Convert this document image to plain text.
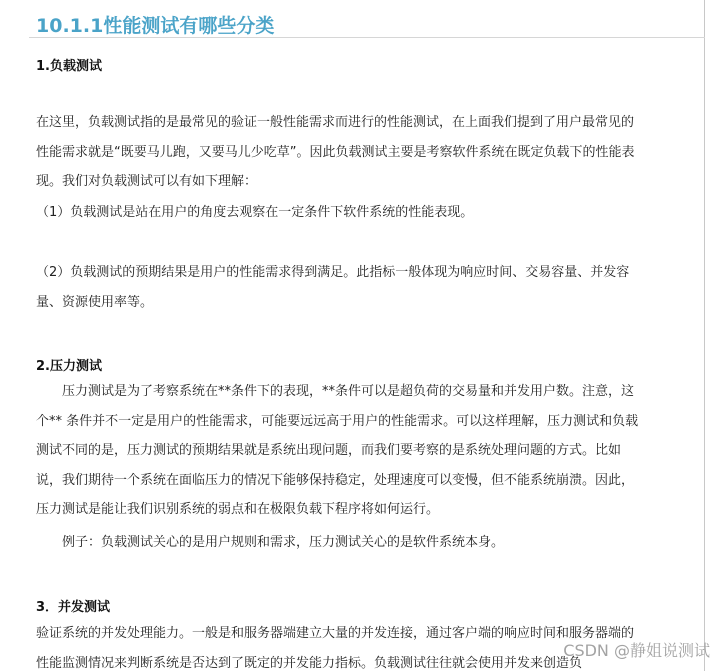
10.1.1性能测试有哪些分类
1.负载测试
在这里，负载测试指的是最常见的验证一般性能需求而进行的性能测试，在上面我们提到了用户最常见的性能需求就是“既要马儿跑，又要马儿少吃草”。因此负载测试主要是考察软件系统在既定负载下的性能表现。我们对负载测试可以有如下理解：
（1）负载测试是站在用户的角度去观察在一定条件下软件系统的性能表现。
（2）负载测试的预期结果是用户的性能需求得到满足。此指标一般体现为响应时间、交易容量、并发容量、资源使用率等。
2.压力测试
压力测试是为了考察系统在**条件下的表现，**条件可以是超负荷的交易量和并发用户数。注意，这个** 条件并不一定是用户的性能需求，可能要远远高于用户的性能需求。可以这样理解，压力测试和负载测试不同的是，压力测试的预期结果就是系统出现问题，而我们要考察的是系统处理问题的方式。比如说，我们期待一个系统在面临压力的情况下能够保持稳定，处理速度可以变慢，但不能系统崩溃。因此，压力测试是能让我们识别系统的弱点和在极限负载下程序将如何运行。
例子：负载测试关心的是用户规则和需求，压力测试关心的是软件系统本身。
3．并发测试
验证系统的并发处理能力。一般是和服务器端建立大量的并发连接，通过客户端的响应时间和服务器端的性能监测情况来判断系统是否达到了既定的并发能力指标。负载测试往往就会使用并发来创造负
CSDN @静姐说测试
